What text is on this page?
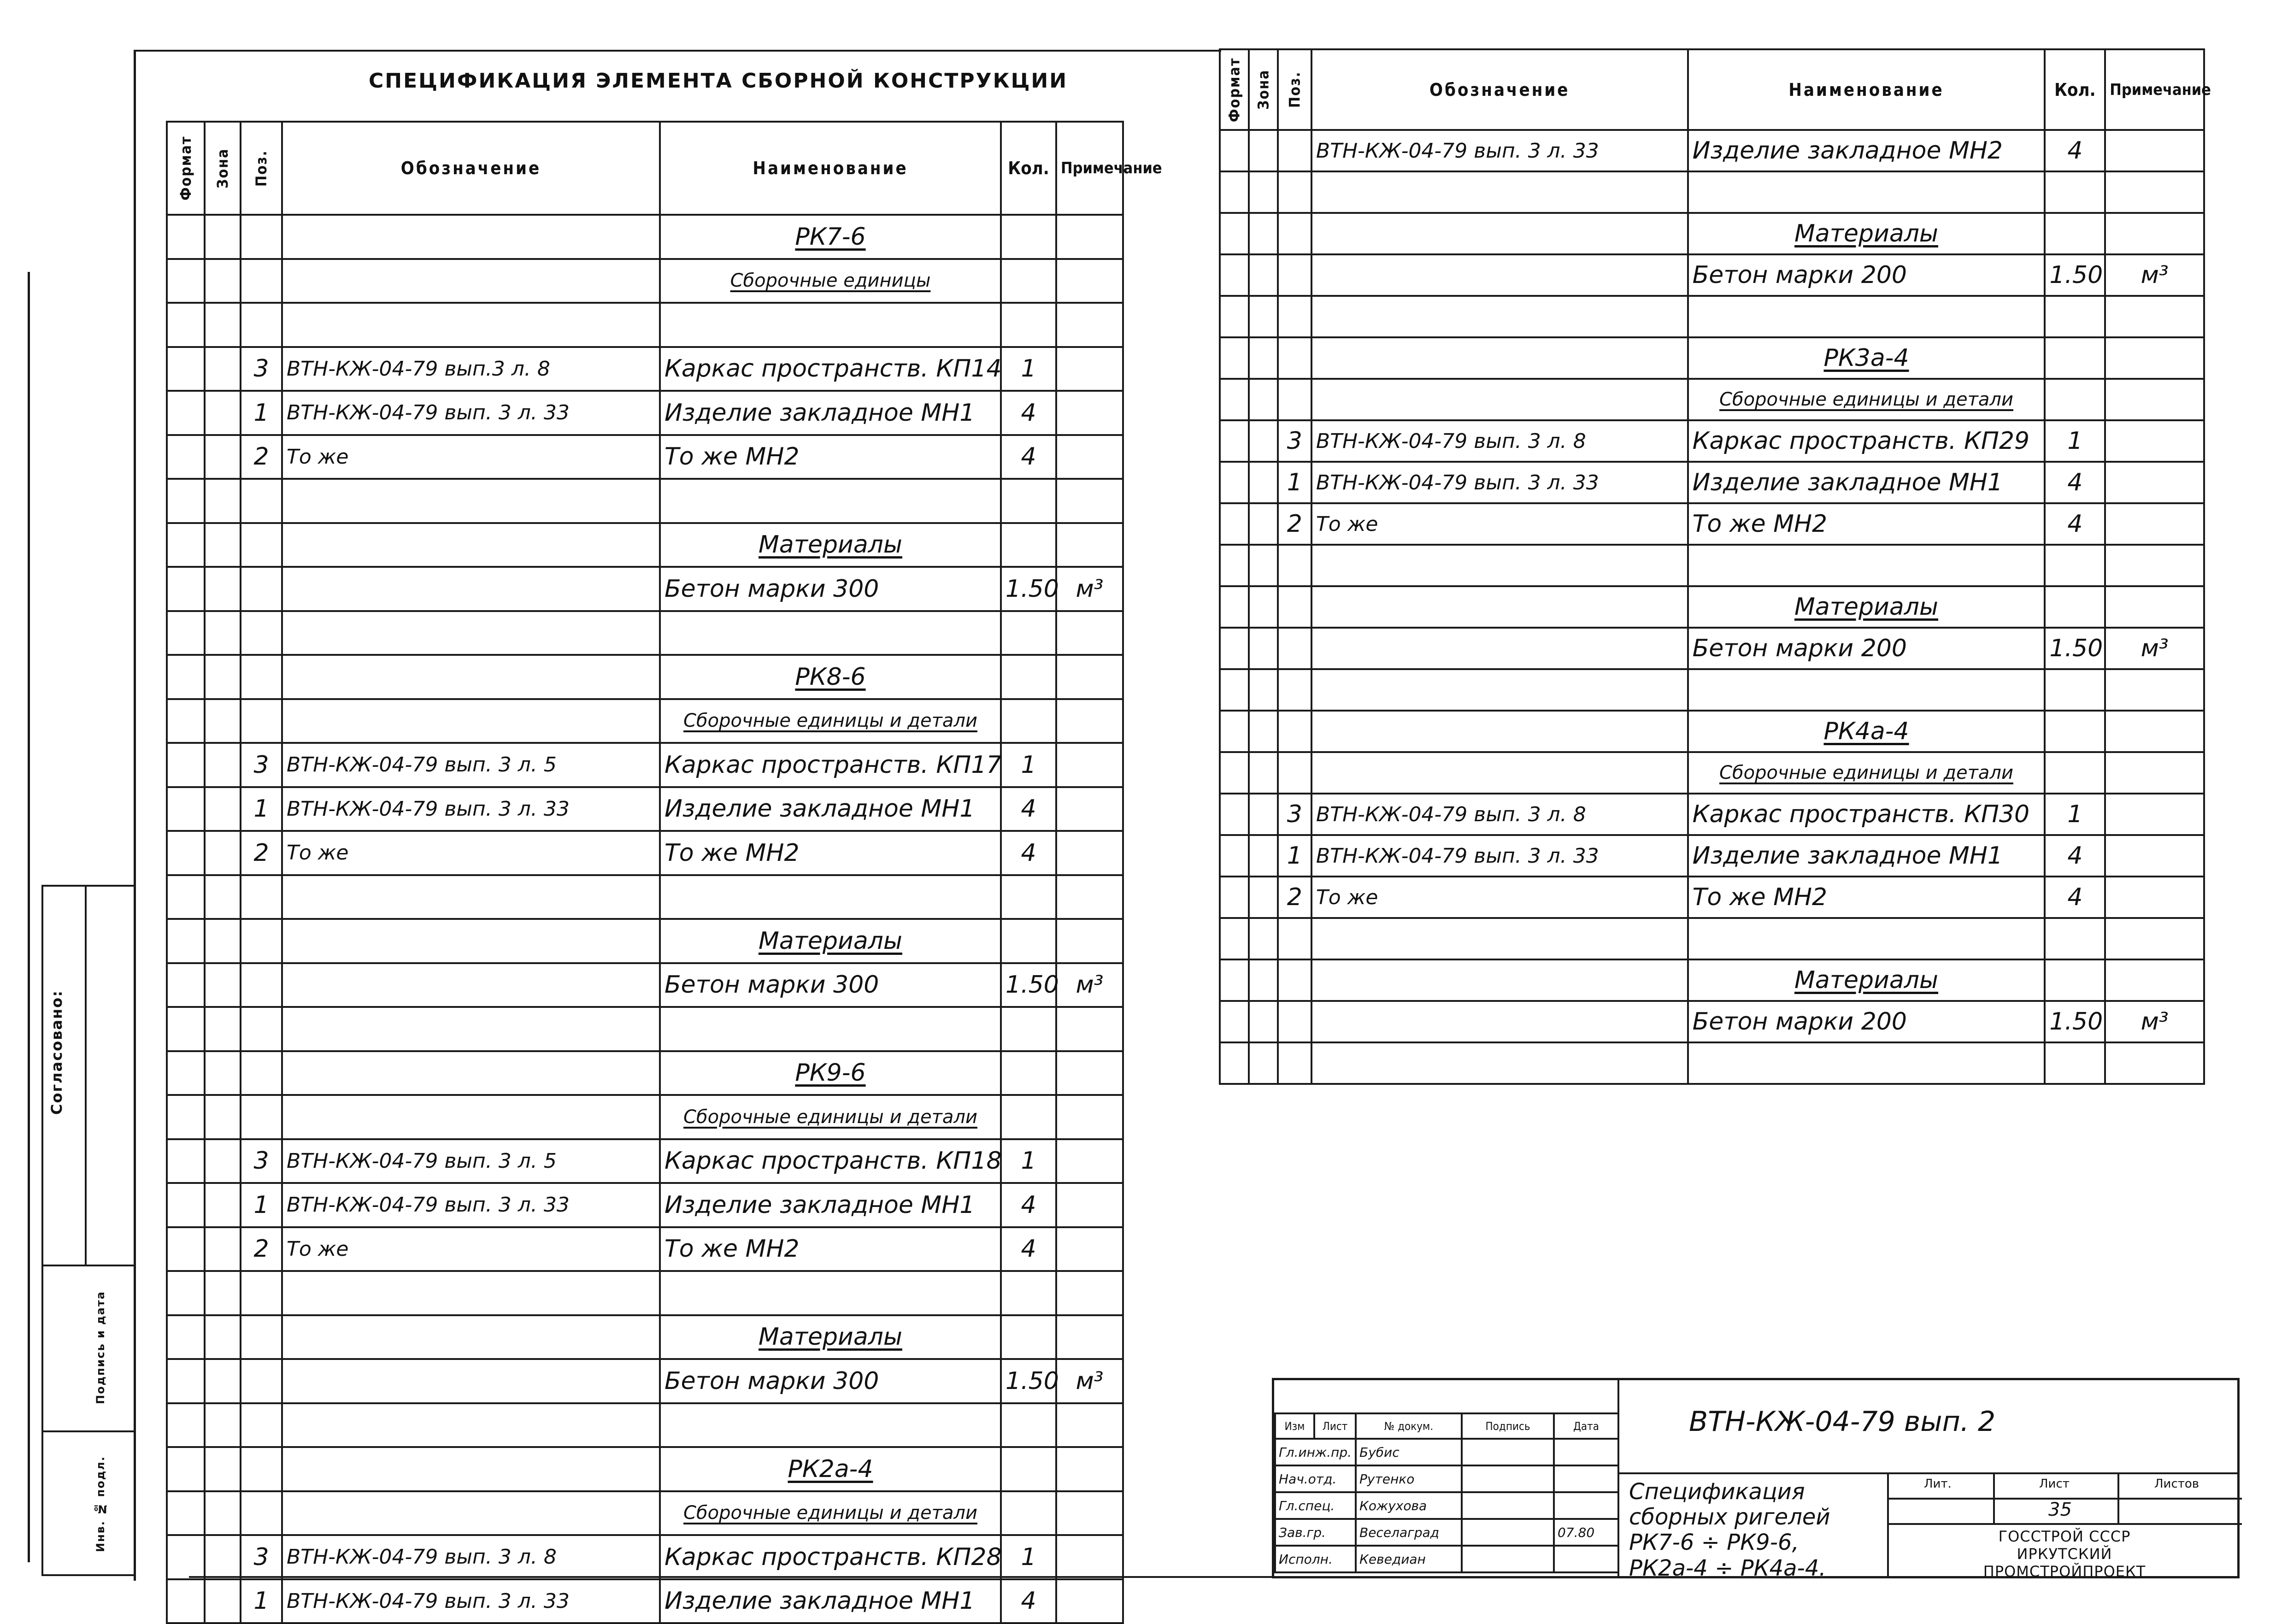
СПЕЦИФИКАЦИЯ ЭЛЕМЕНТА СБОРНОЙ КОНСТРУКЦИИ
Согласовано:
Подпись и дата
Инв. № подл.
Формат	Зона	Поз.	Обозначение	Наименование	Кол.	Примечание
				РК7-6		
				Сборочные единицы		

		3	ВТН-КЖ-04-79 вып.3 л. 8	Каркас пространств. КП14	1	
		1	ВТН-КЖ-04-79 вып. 3 л. 33	Изделие закладное МН1	4	
		2	То же	То же МН2	4	

				Материалы		
				Бетон марки 300	1.50	м³

				РК8-6		
				Сборочные единицы и детали		
		3	ВТН-КЖ-04-79 вып. 3 л. 5	Каркас пространств. КП17	1	
		1	ВТН-КЖ-04-79 вып. 3 л. 33	Изделие закладное МН1	4	
		2	То же	То же МН2	4	

				Материалы		
				Бетон марки 300	1.50	м³

				РК9-6		
				Сборочные единицы и детали		
		3	ВТН-КЖ-04-79 вып. 3 л. 5	Каркас пространств. КП18	1	
		1	ВТН-КЖ-04-79 вып. 3 л. 33	Изделие закладное МН1	4	
		2	То же	То же МН2	4	

				Материалы		
				Бетон марки 300	1.50	м³

				РК2а-4		
				Сборочные единицы и детали		
		3	ВТН-КЖ-04-79 вып. 3 л. 8	Каркас пространств. КП28	1	
		1	ВТН-КЖ-04-79 вып. 3 л. 33	Изделие закладное МН1	4	
Формат	Зона	Поз.	Обозначение	Наименование	Кол.	Примечание
			ВТН-КЖ-04-79 вып. 3 л. 33	Изделие закладное МН2	4	

				Материалы		
				Бетон марки 200	1.50	м³

				РК3а-4		
				Сборочные единицы и детали		
		3	ВТН-КЖ-04-79 вып. 3 л. 8	Каркас пространств. КП29	1	
		1	ВТН-КЖ-04-79 вып. 3 л. 33	Изделие закладное МН1	4	
		2	То же	То же МН2	4	

				Материалы		
				Бетон марки 200	1.50	м³

				РК4а-4		
				Сборочные единицы и детали		
		3	ВТН-КЖ-04-79 вып. 3 л. 8	Каркас пространств. КП30	1	
		1	ВТН-КЖ-04-79 вып. 3 л. 33	Изделие закладное МН1	4	
		2	То же	То же МН2	4	

				Материалы		
				Бетон марки 200	1.50	м³

Изм	Лист	№ докум.	Подпись	Дата
Гл.инж.пр.		Бубис		
Нач.отд.		Рутенко		
Гл.спец.		Кожухова		
Зав.гр.		Веселаград		07.80
Исполн.		Кеведиан		
ВТН-КЖ-04-79 вып. 2
Спецификация сборных ригелей РК7-6 ÷ РК9-6, РК2а-4 ÷ РК4а-4.
Лит.	Лист	Листов
35
ГОССТРОЙ СССР
ИРКУТСКИЙ
ПРОМСТРОЙПРОЕКТ
